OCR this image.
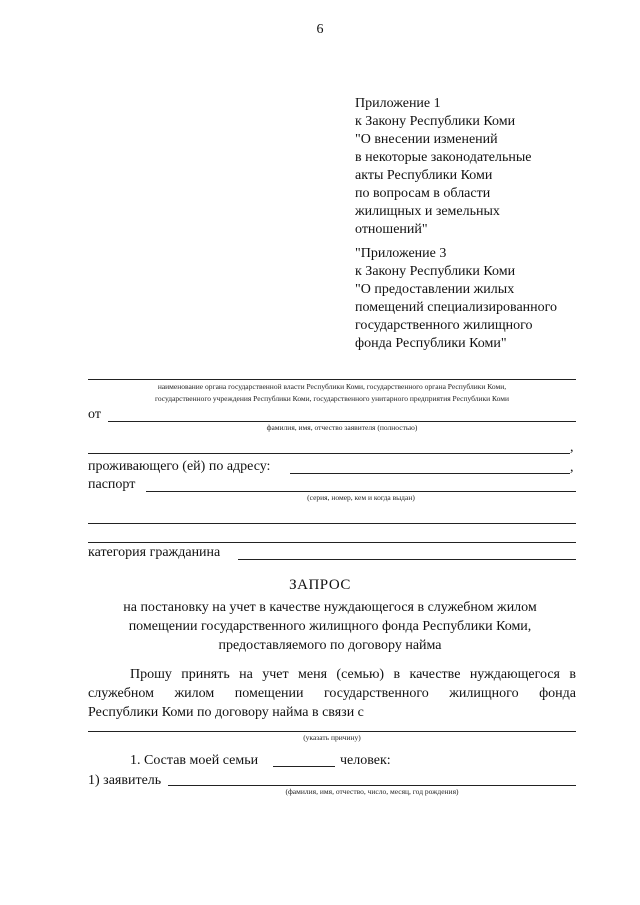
6
Приложение 1
к Закону Республики Коми
"О внесении изменений
в некоторые законодательные
акты Республики Коми
по вопросам в области
жилищных и земельных
отношений"
"Приложение 3
к Закону Республики Коми
"О предоставлении жилых
помещений специализированного
государственного жилищного
фонда Республики Коми"
наименование органа государственной власти Республики Коми, государственного органа Республики Коми,
государственного учреждения Республики Коми, государственного унитарного предприятия Республики Коми
от
фамилия, имя, отчество заявителя (полностью)
,
проживающего (ей) по адресу:	,
паспорт
(серия, номер, кем и когда выдан)
категория гражданина
ЗАПРОС
на постановку на учет в качестве нуждающегося в служебном жилом
помещении государственного жилищного фонда Республики Коми,
предоставляемого по договору найма
Прошу принять на учет меня (семью) в качестве нуждающегося в
служебном жилом помещении государственного жилищного фонда
Республики Коми по договору найма в связи с
(указать причину)
1. Состав моей семьи	человек:
1) заявитель
(фамилия, имя, отчество, число, месяц, год рождения)
